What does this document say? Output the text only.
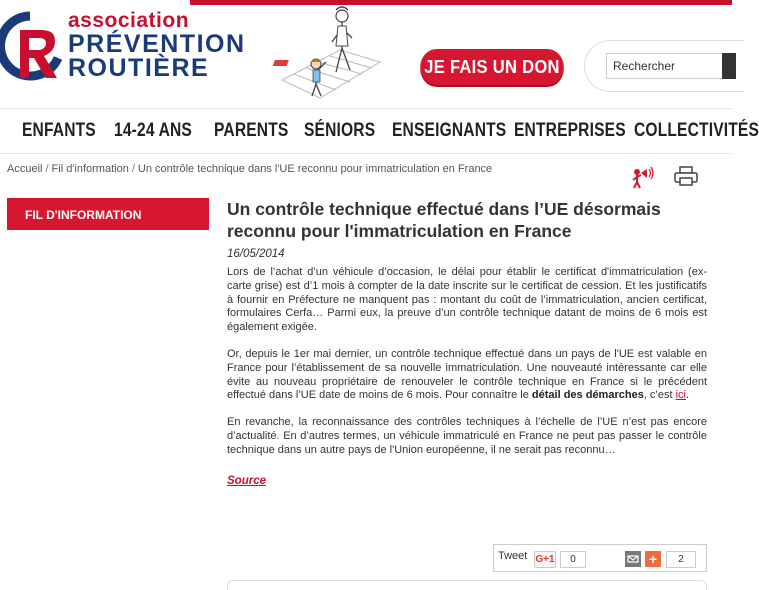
association
PRÉVENTION
ROUTIÈRE	JE FAIS UN DON
Rechercher
ENFANTS 14-24 ANS PARENTS SÉNIORS ENSEIGNANTS ENTREPRISES COLLECTIVITÉS
Accueil / Fil d'information / Un contrôle technique dans l'UE reconnu pour immatriculation en France
FIL D'INFORMATION	Un contrôle technique effectué dans l’UE désormais reconnu pour l'immatriculation en France
16/05/2014

Lors de l’achat d’un véhicule d’occasion, le délai pour établir le certificat d'immatriculation (ex-carte grise) est d’1 mois à compter de la date inscrite sur le certificat de cession. Et les justificatifs à fournir en Préfecture ne manquent pas : montant du coût de l’immatriculation, ancien certificat, formulaires Cerfa… Parmi eux, la preuve d’un contrôle technique datant de moins de 6 mois est également exigée.

Or, depuis le 1er mai dernier, un contrôle technique effectué dans un pays de l'UE est valable en France pour l’établissement de sa nouvelle immatriculation. Une nouveauté intéressante car elle évite au nouveau propriétaire de renouveler le contrôle technique en France si le précédent effectué dans l’UE date de moins de 6 mois. Pour connaître le détail des démarches, c’est ici.

En revanche, la reconnaissance des contrôles techniques à l’échelle de l’UE n’est pas encore d’actualité. En d’autres termes, un véhicule immatriculé en France ne peut pas passer le contrôle technique dans un autre pays de l'Union européenne, il ne serait pas reconnu…

Source
Tweet G+1	0	+	2
